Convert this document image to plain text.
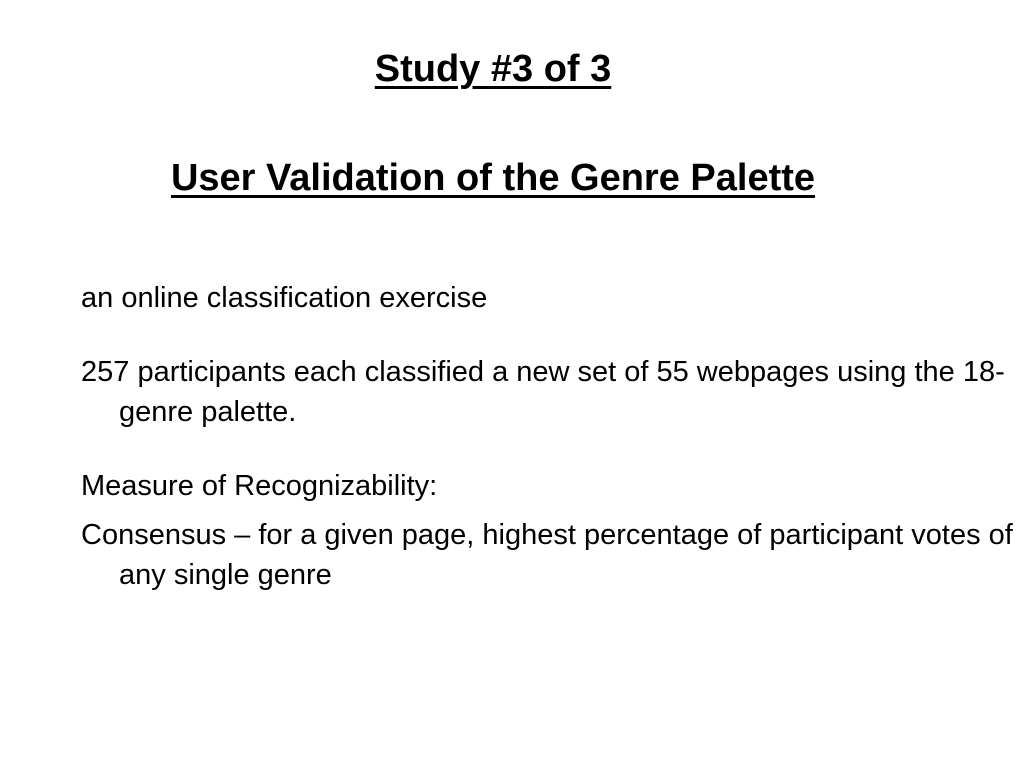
Study #3 of 3
User Validation of the Genre Palette

an online classification exercise

257 participants each classified a new set of 55 webpages using the 18-genre palette.

Measure of Recognizability:

Consensus – for a given page, highest percentage of participant votes of any single genre
